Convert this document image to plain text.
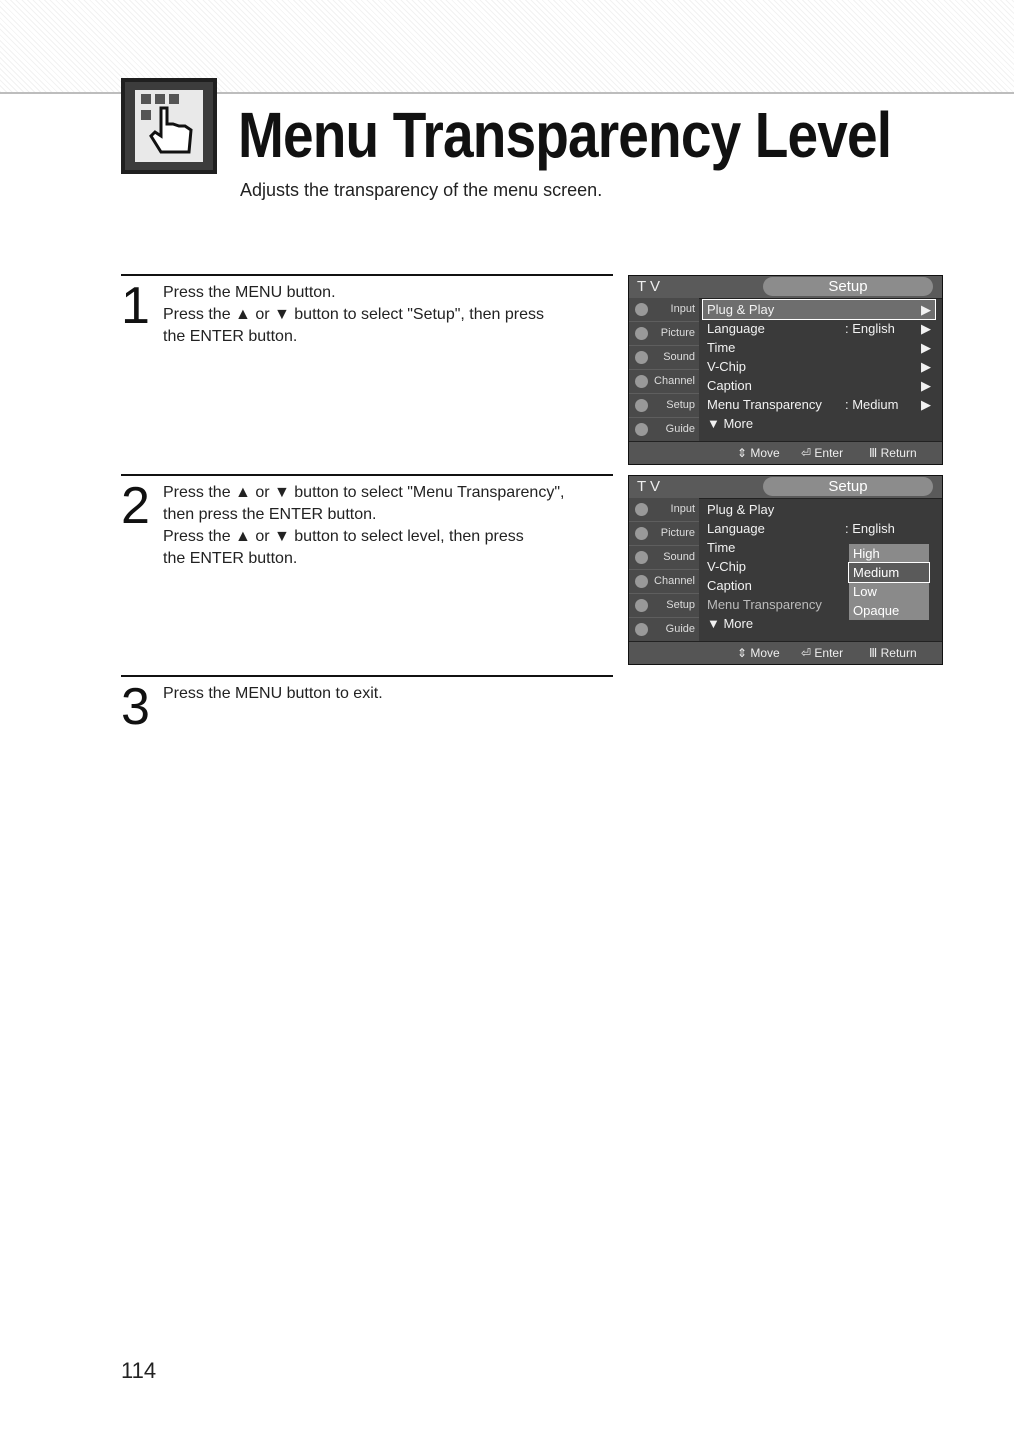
Menu Transparency Level
Adjusts the transparency of the menu screen.
1 Press the MENU button.
Press the ▲ or ▼ button to select "Setup", then press
the ENTER button.
2 Press the ▲ or ▼ button to select "Menu Transparency",
then press the ENTER button.
Press the ▲ or ▼ button to select level, then press
the ENTER button.
3 Press the MENU button to exit.
T V	Setup
Input
Picture
Sound
Channel
Setup
Guide
Plug & Play	▶
Language	: English ▶
Time	▶
V-Chip	▶
Caption	▶
Menu Transparency : Medium ▶
▼ More
⇕ Move ⏎ Enter Ⅲ Return
T V	Setup
Input
Picture
Sound
Channel
Setup
Guide
Plug & Play
Language	: English
Time
V-Chip
Caption
Menu Transparency
▼ More
High
Medium
Low
Opaque
⇕ Move ⏎ Enter Ⅲ Return
114
